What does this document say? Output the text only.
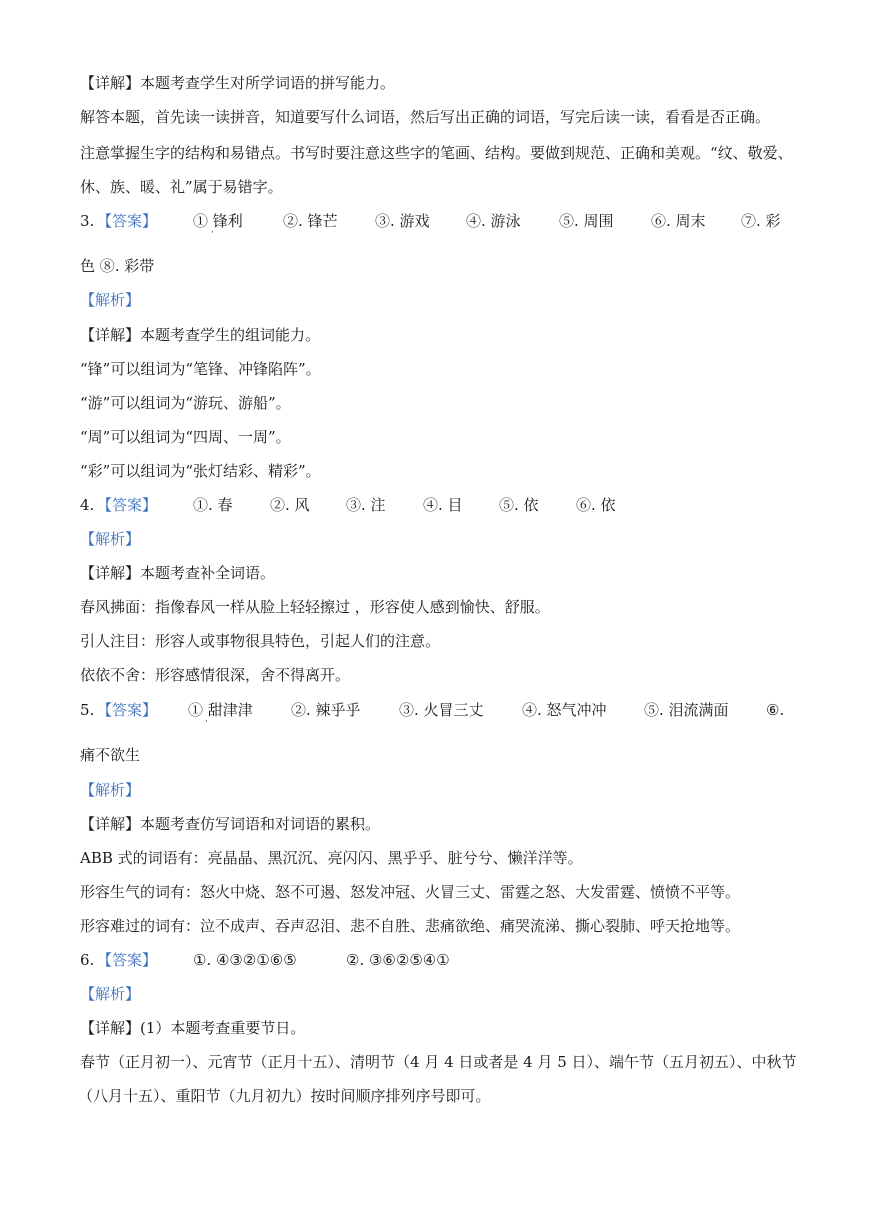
【详解】本题考查学生对所学词语的拼写能力。
解答本题，首先读一读拼音，知道要写什么词语，然后写出正确的词语，写完后读一读，看看是否正确。
注意掌握生字的结构和易错点。书写时要注意这些字的笔画、结构。要做到规范、正确和美观。“纹、敬爱、
休、族、暖、礼”属于易错字。
3. 【答案】 ① 锋利
·
②. 锋芒 ③. 游戏 ④. 游泳	⑤. 周围 ⑥. 周末 ⑦. 彩
色 ⑧. 彩带
【解析】
【详解】本题考查学生的组词能力。
“锋”可以组词为“笔锋、冲锋陷阵”。
“游”可以组词为“游玩、游船”。
“周”可以组词为“四周、一周”。
“彩”可以组词为“张灯结彩、精彩”。
4. 【答案】 ①. 春 ②. 风 ③. 注 ④. 目 ⑤. 依 ⑥. 依
【解析】
【详解】本题考查补全词语。
春风拂面：指像春风一样从脸上轻轻擦过 ，形容使人感到愉快、舒服。
引人注目：形容人或事物很具特色，引起人们的注意。
依依不舍：形容感情很深，舍不得离开。
5. 【答案】 ① 甜津津
·
②. 辣乎乎	③. 火冒三丈	④. 怒气冲冲 ⑤. 泪流满面 ⑥.
痛不欲生
【解析】
【详解】本题考查仿写词语和对词语的累积。
ABB 式的词语有：亮晶晶、黑沉沉、亮闪闪、黑乎乎、脏兮兮、懒洋洋等。
形容生气的词有：怒火中烧、怒不可遏、怒发冲冠、火冒三丈、雷霆之怒、大发雷霆、愤愤不平等。
形容难过的词有：泣不成声、吞声忍泪、悲不自胜、悲痛欲绝、痛哭流涕、撕心裂肺、呼天抢地等。
6. 【答案】 ①. ④③②①⑥⑤	②. ③⑥②⑤④①
【解析】
【详解】(1）本题考查重要节日。
春节（正月初一）、元宵节（正月十五）、清明节（4 月 4 日或者是 4 月 5 日）、端午节（五月初五）、中秋节
（八月十五）、重阳节（九月初九）按时间顺序排列序号即可。
